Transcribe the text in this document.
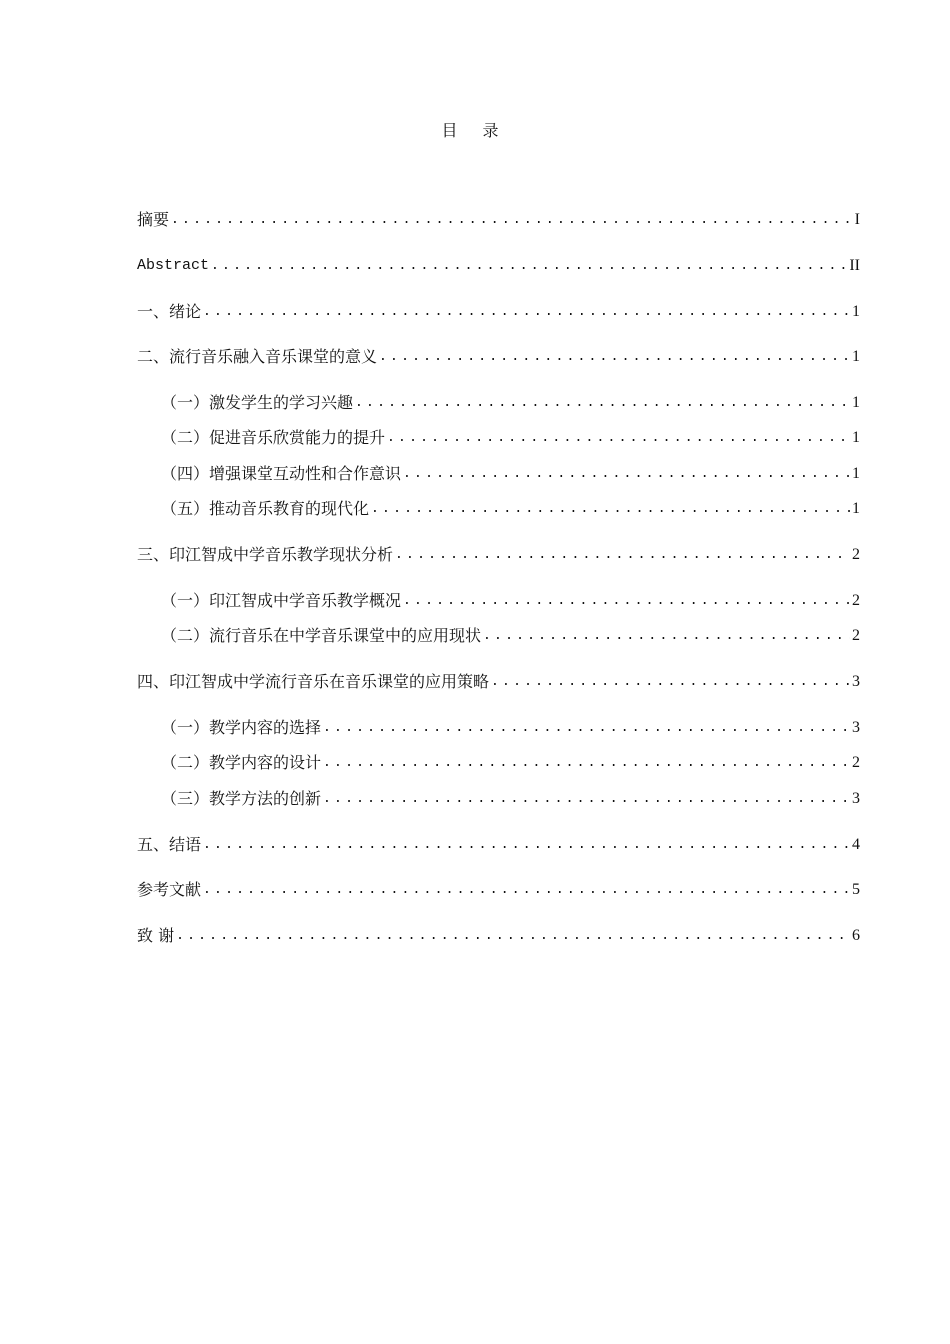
目 录
摘要 .....	I
Abstract .....	II
一、绪论 .....	1
二、流行音乐融入音乐课堂的意义 .....	1
（一）激发学生的学习兴趣 .....	1
（二）促进音乐欣赏能力的提升 .....	1
（四）增强课堂互动性和合作意识 .....	1
（五）推动音乐教育的现代化 .....	1
三、印江智成中学音乐教学现状分析 .....	2
（一）印江智成中学音乐教学概况 .....	2
（二）流行音乐在中学音乐课堂中的应用现状 .....	2
四、印江智成中学流行音乐在音乐课堂的应用策略 .....	3
（一）教学内容的选择 .....	3
（二）教学内容的设计 .....	2
（三）教学方法的创新 .....	3
五、结语 .....	4
参考文献 .....	5
致 谢 .....	6
